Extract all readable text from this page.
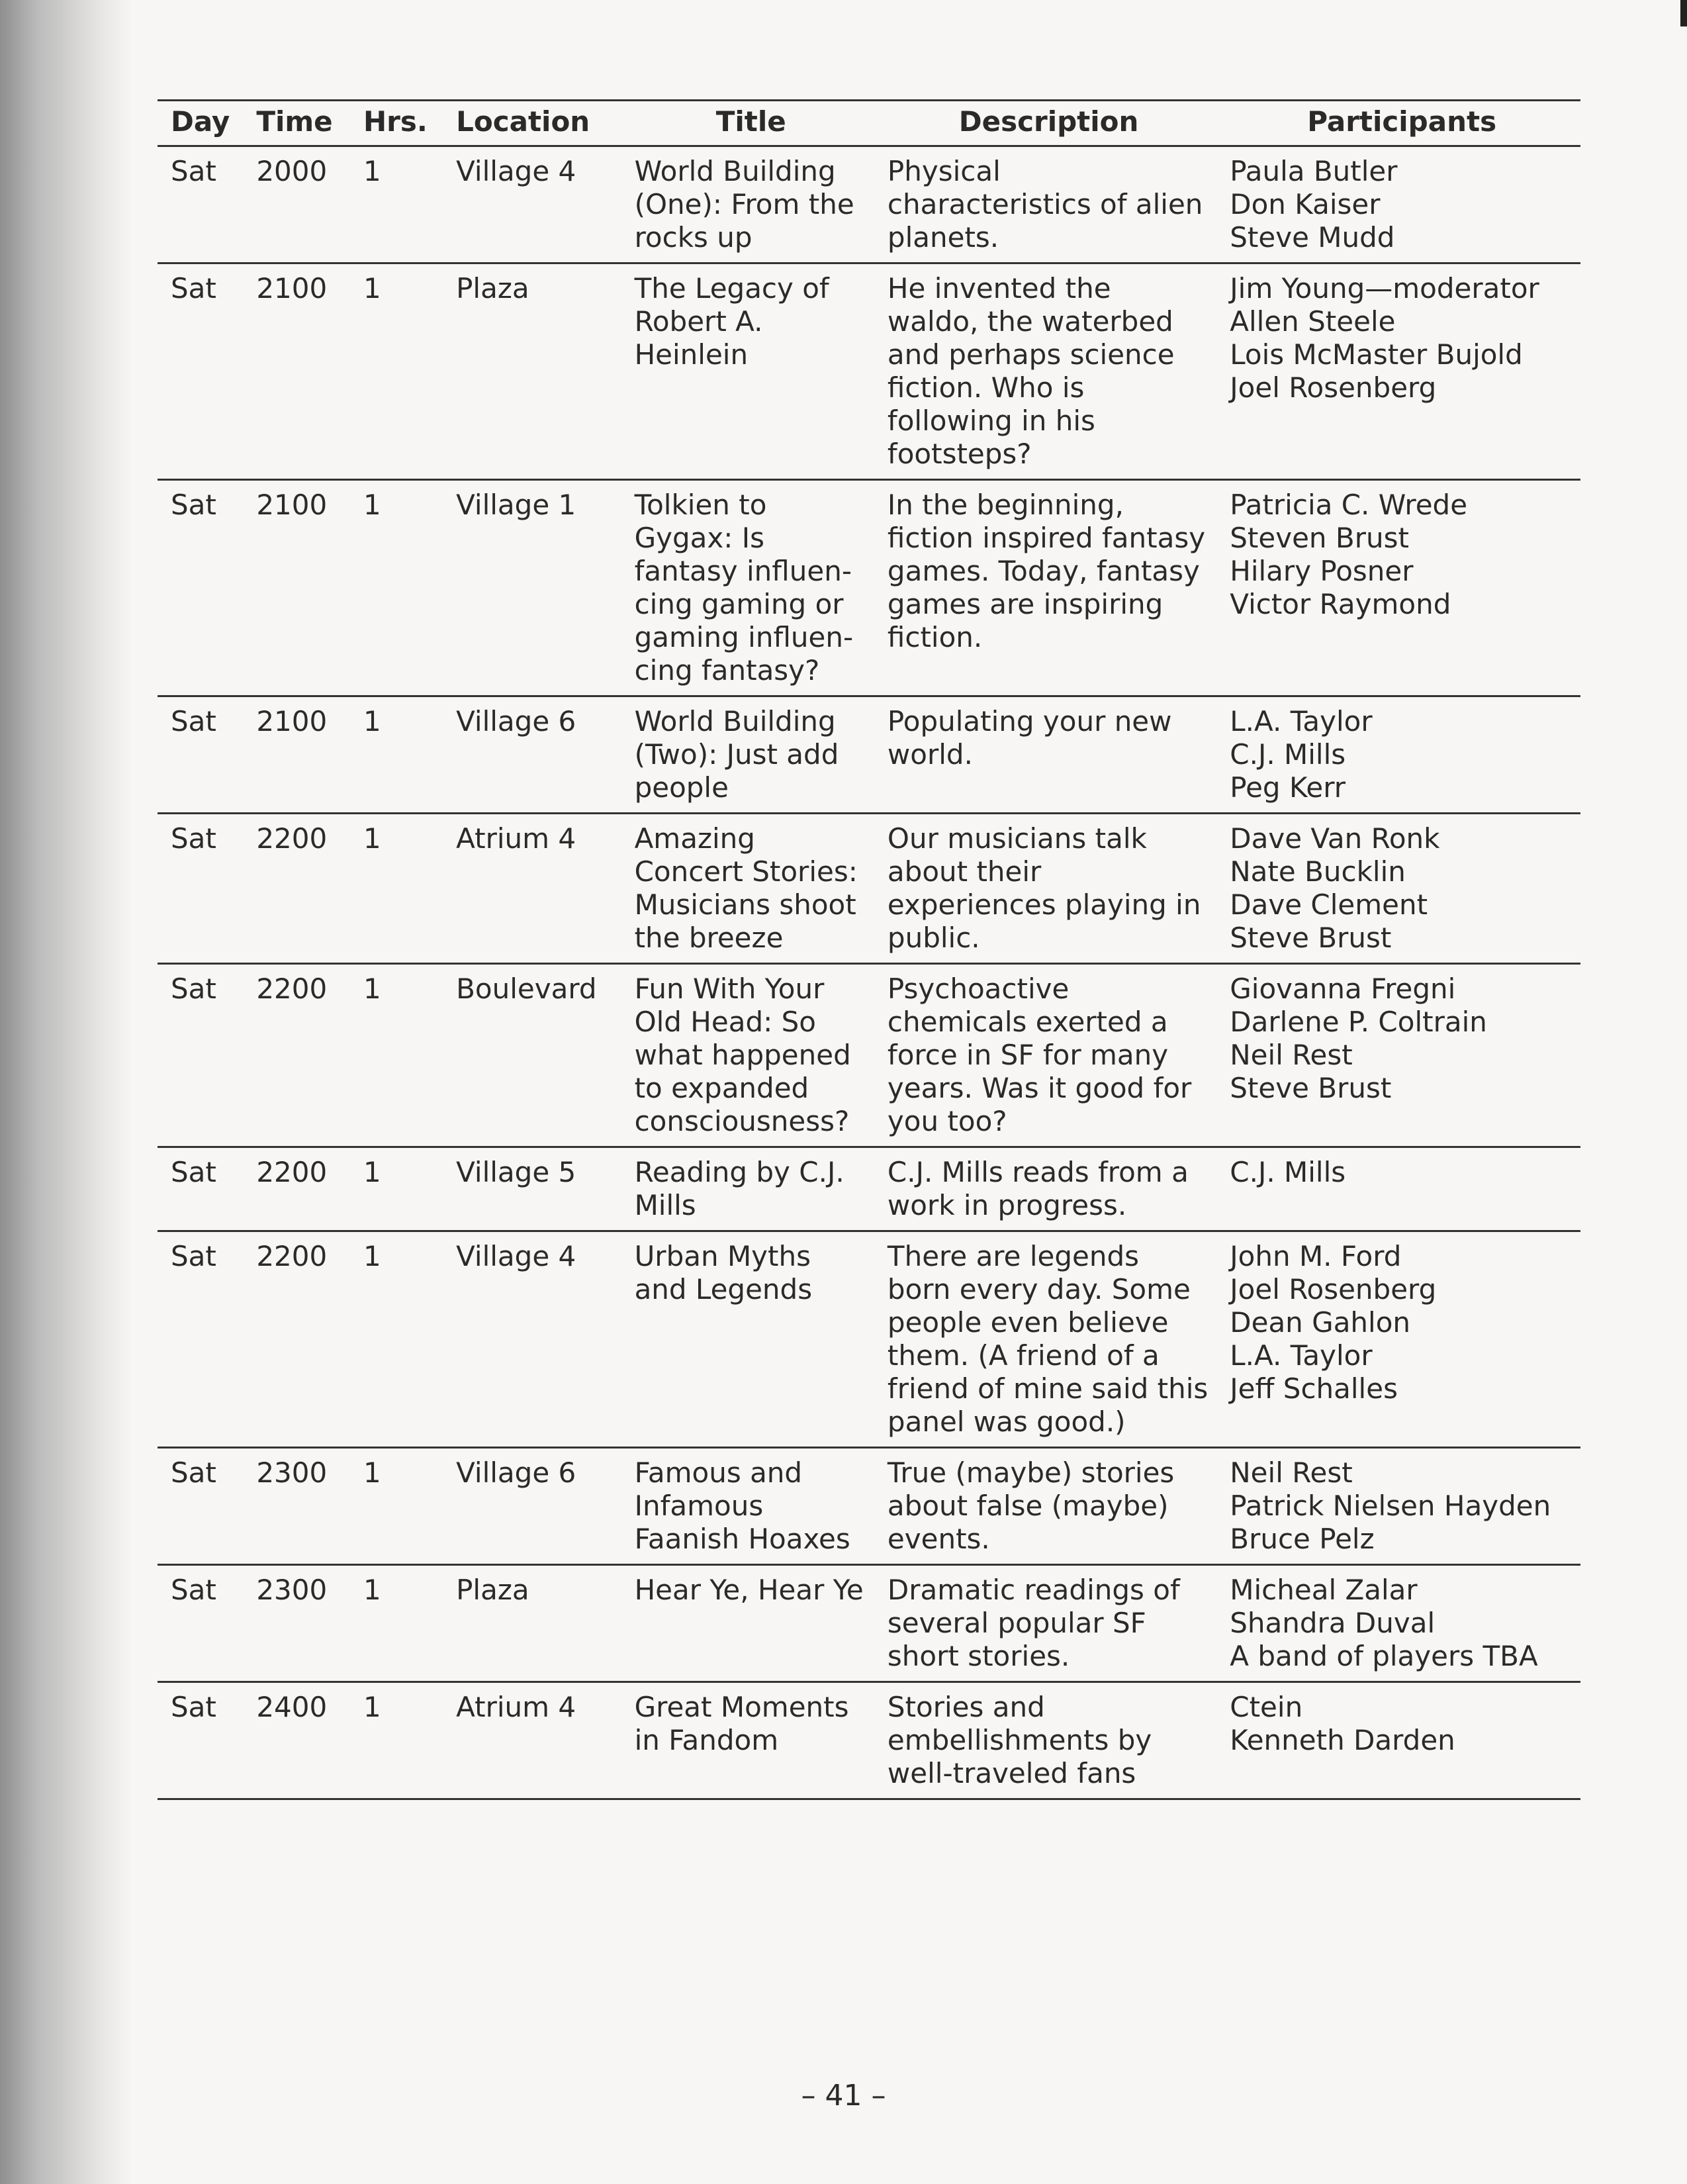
Day	Time	Hrs.	Location	Title	Description	Participants
Sat	2000	1	Village 4	World Building (One): From the rocks up	Physical characteristics of alien planets.	Paula Butler
Don Kaiser
Steve Mudd

Sat	2100	1	Plaza	The Legacy of Robert A. Heinlein	He invented the waldo, the waterbed and perhaps science fiction. Who is following in his footsteps?	Jim Young—moderator
Allen Steele
Lois McMaster Bujold
Joel Rosenberg

Sat	2100	1	Village 1	Tolkien to Gygax: Is fantasy influen- cing gaming or gaming influen- cing fantasy?	In the beginning, fiction inspired fantasy games. Today, fantasy games are inspiring fiction.	Patricia C. Wrede
Steven Brust
Hilary Posner
Victor Raymond

Sat	2100	1	Village 6	World Building (Two): Just add people	Populating your new world.	L.A. Taylor
C.J. Mills
Peg Kerr

Sat	2200	1	Atrium 4	Amazing Concert Stories: Musicians shoot the breeze	Our musicians talk about their experiences playing in public.	Dave Van Ronk
Nate Bucklin
Dave Clement
Steve Brust

Sat	2200	1	Boulevard	Fun With Your Old Head: So what happened to expanded consciousness?	Psychoactive chemicals exerted a force in SF for many years. Was it good for you too?	Giovanna Fregni
Darlene P. Coltrain
Neil Rest
Steve Brust

Sat	2200	1	Village 5	Reading by C.J. Mills	C.J. Mills reads from a work in progress.	C.J. Mills

Sat	2200	1	Village 4	Urban Myths and Legends	There are legends born every day. Some people even believe them. (A friend of a friend of mine said this panel was good.)	John M. Ford
Joel Rosenberg
Dean Gahlon
L.A. Taylor
Jeff Schalles

Sat	2300	1	Village 6	Famous and Infamous Faanish Hoaxes	True (maybe) stories about false (maybe) events.	Neil Rest
Patrick Nielsen Hayden
Bruce Pelz

Sat	2300	1	Plaza	Hear Ye, Hear Ye	Dramatic readings of several popular SF short stories.	Micheal Zalar
Shandra Duval
A band of players TBA

Sat	2400	1	Atrium 4	Great Moments in Fandom	Stories and embellishments by well-traveled fans	Ctein
Kenneth Darden
– 41 –
